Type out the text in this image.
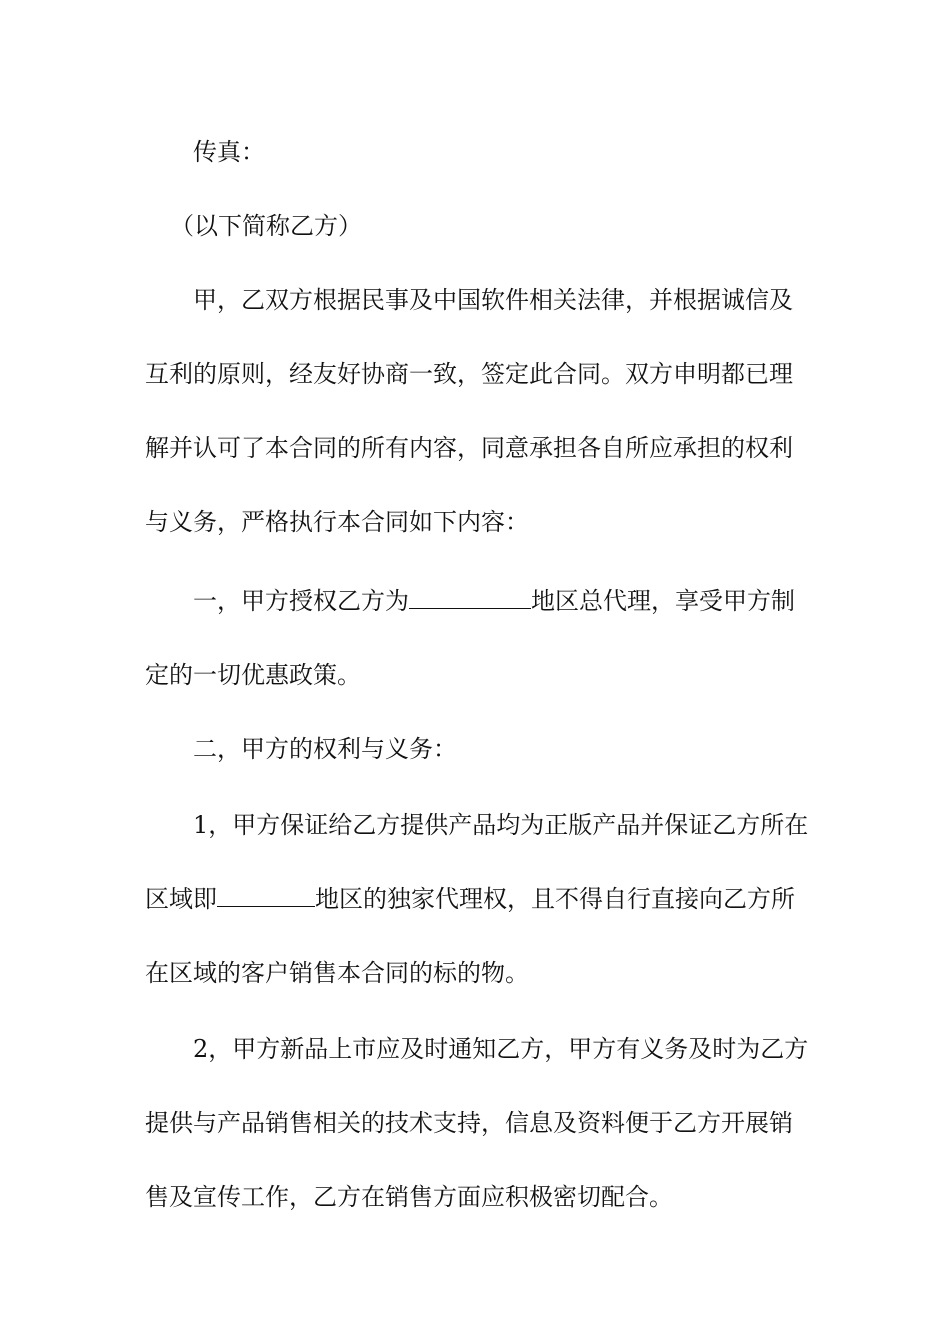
传真：
（以下简称乙方）
甲，乙双方根据民事及中国软件相关法律，并根据诚信及
互利的原则，经友好协商一致，签定此合同。双方申明都已理
解并认可了本合同的所有内容，同意承担各自所应承担的权利
与义务，严格执行本合同如下内容：
一，甲方授权乙方为	地区总代理，享受甲方制
定的一切优惠政策。
二，甲方的权利与义务：
1，甲方保证给乙方提供产品均为正版产品并保证乙方所在
区域即	地区的独家代理权，且不得自行直接向乙方所
在区域的客户销售本合同的标的物。
2，甲方新品上市应及时通知乙方，甲方有义务及时为乙方
提供与产品销售相关的技术支持，信息及资料便于乙方开展销
售及宣传工作，乙方在销售方面应积极密切配合。
